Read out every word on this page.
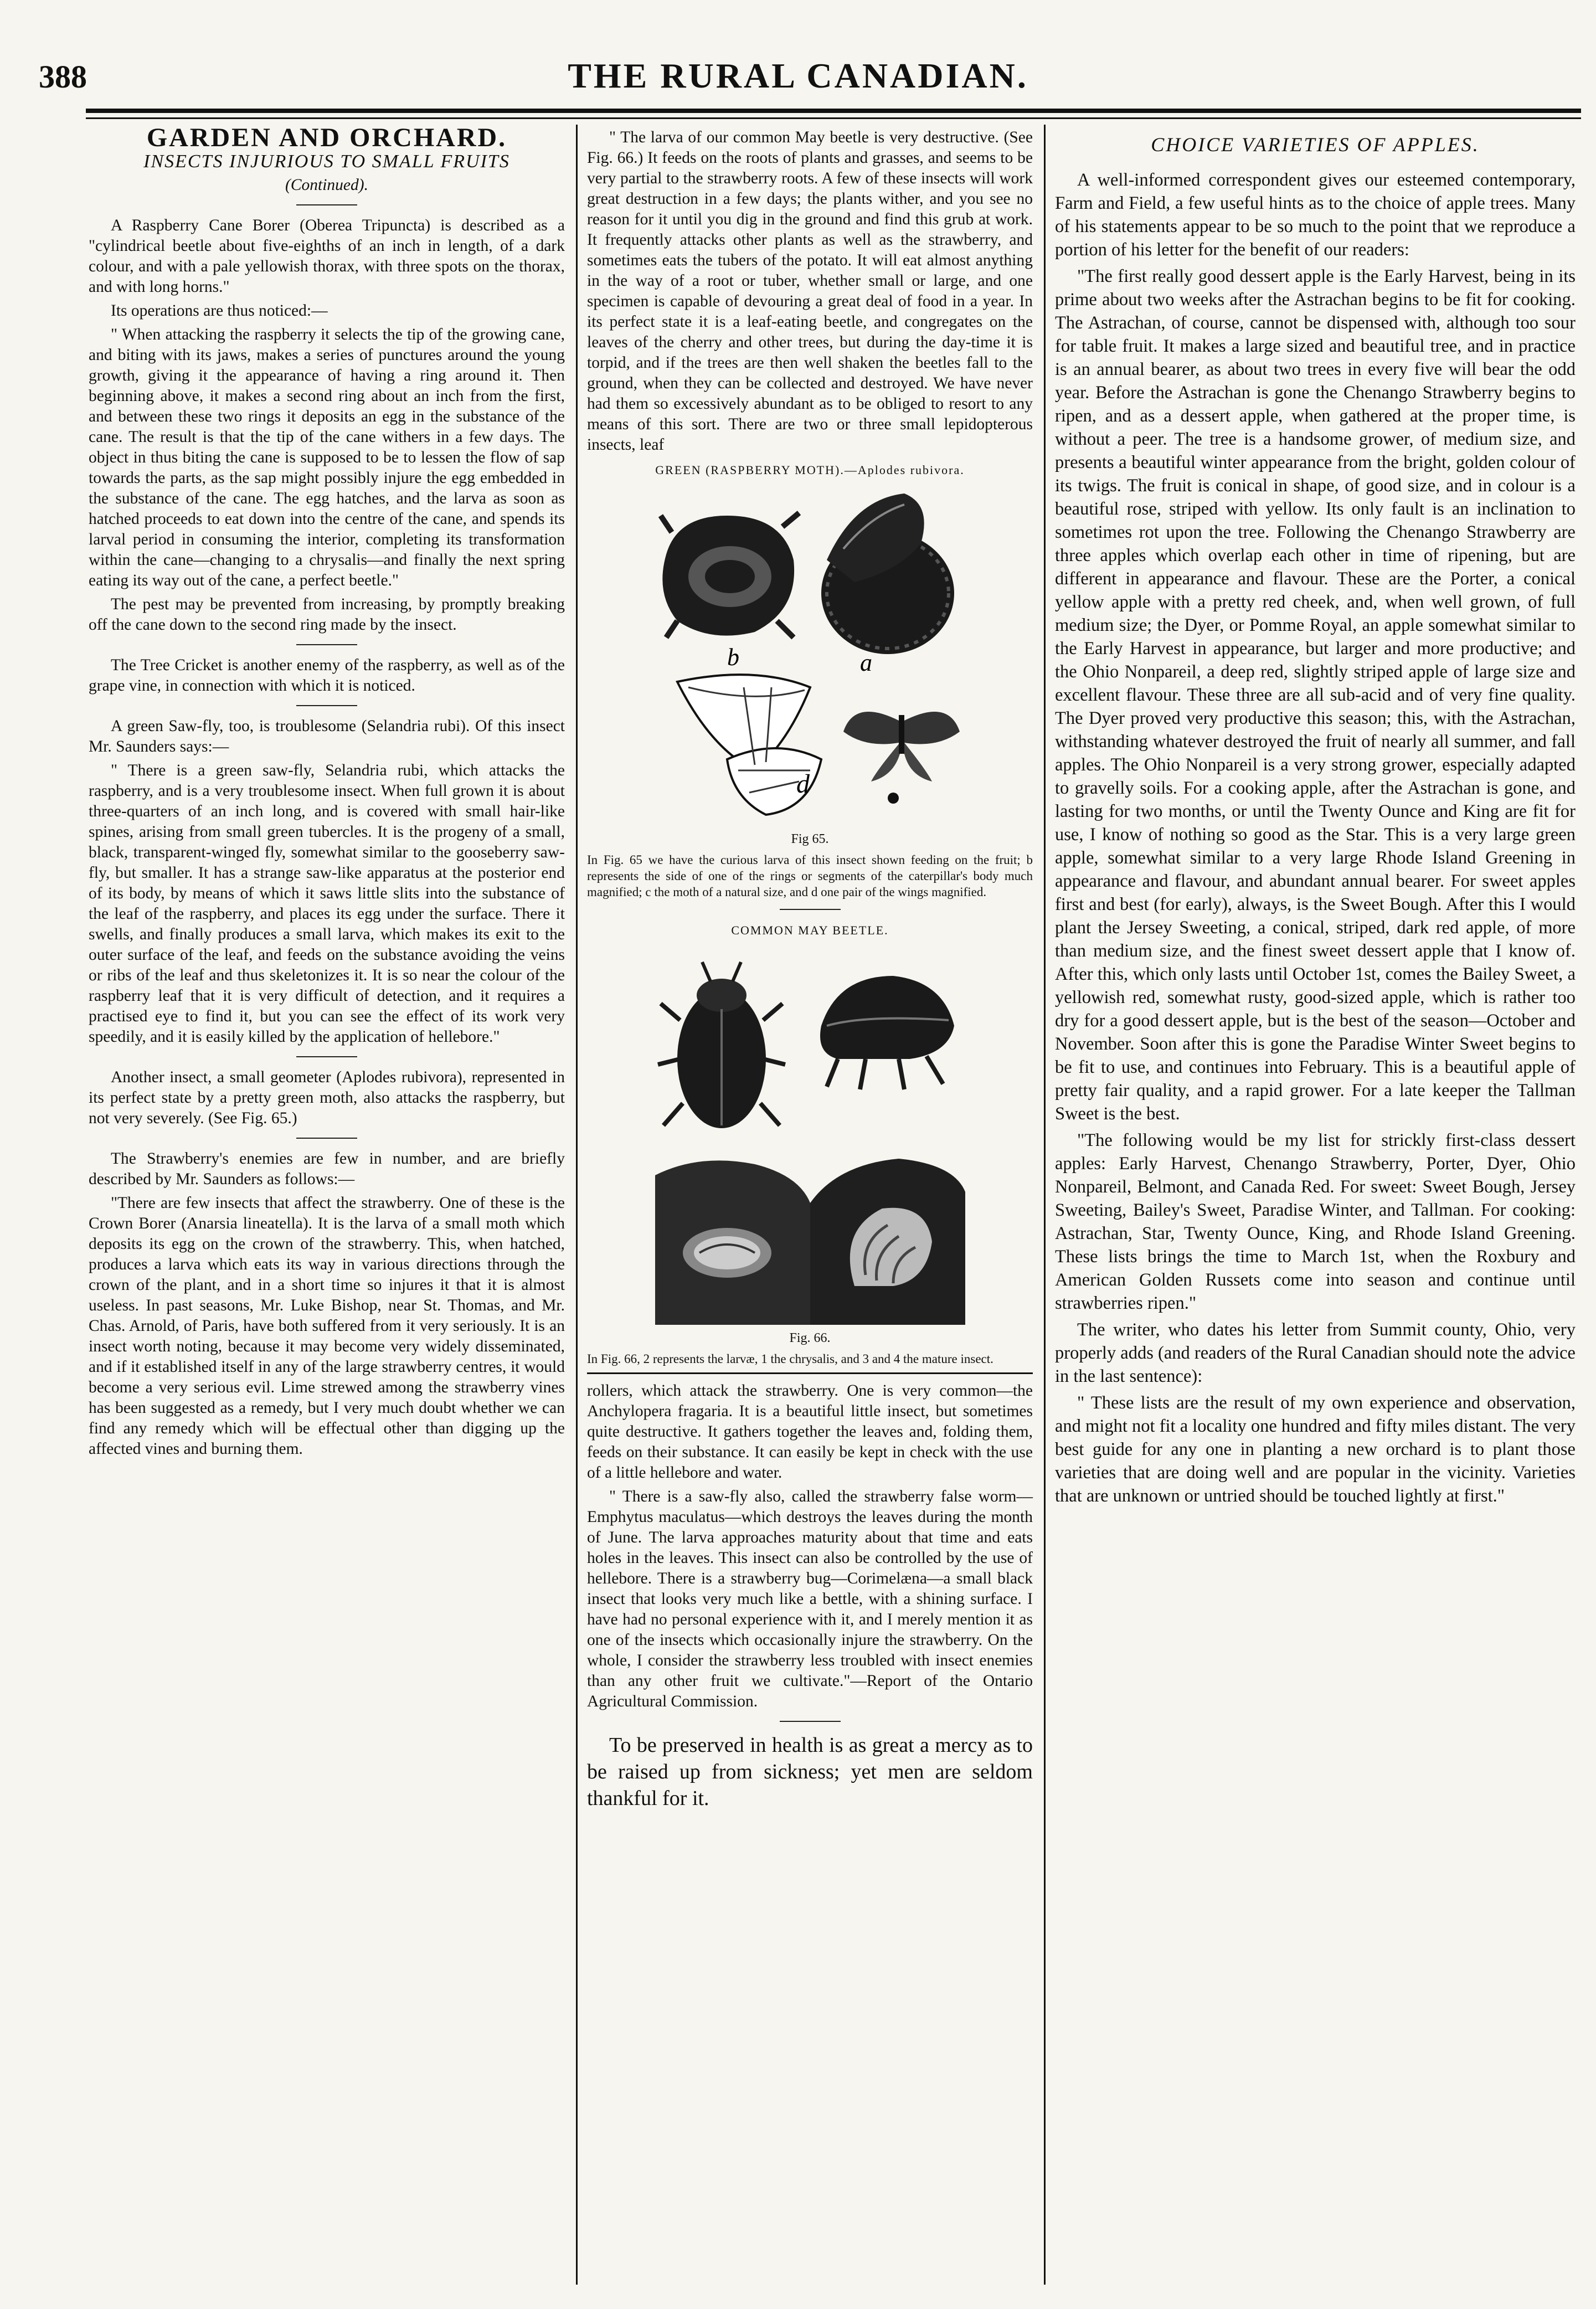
388	THE RURAL CANADIAN.

GARDEN AND ORCHARD.

INSECTS INJURIOUS TO SMALL FRUITS

(Continued).

A Raspberry Cane Borer (Oberea Tripuncta) is described as a "cylindrical beetle about five-eighths of an inch in length, of a dark colour, and with a pale yellowish thorax, with three spots on the thorax, and with long horns."

Its operations are thus noticed:—

" When attacking the raspberry it selects the tip of the growing cane, and biting with its jaws, makes a series of punctures around the young growth, giving it the appearance of having a ring around it. Then beginning above, it makes a second ring about an inch from the first, and between these two rings it deposits an egg in the substance of the cane. The result is that the tip of the cane withers in a few days. The object in thus biting the cane is supposed to be to lessen the flow of sap towards the parts, as the sap might possibly injure the egg embedded in the substance of the cane. The egg hatches, and the larva as soon as hatched proceeds to eat down into the centre of the cane, and spends its larval period in consuming the interior, completing its transformation within the cane—changing to a chrysalis—and finally the next spring eating its way out of the cane, a perfect beetle."

The pest may be prevented from increasing, by promptly breaking off the cane down to the second ring made by the insect.

The Tree Cricket is another enemy of the raspberry, as well as of the grape vine, in connection with which it is noticed.

A green Saw-fly, too, is troublesome (Selandria rubi). Of this insect Mr. Saunders says:—

" There is a green saw-fly, Selandria rubi, which attacks the raspberry, and is a very troublesome insect. When full grown it is about three-quarters of an inch long, and is covered with small hair-like spines, arising from small green tubercles. It is the progeny of a small, black, transparent-winged fly, somewhat similar to the gooseberry saw-fly, but smaller. It has a strange saw-like apparatus at the posterior end of its body, by means of which it saws little slits into the substance of the leaf of the raspberry, and places its egg under the surface. There it swells, and finally produces a small larva, which makes its exit to the outer surface of the leaf, and feeds on the substance avoiding the veins or ribs of the leaf and thus skeletonizes it. It is so near the colour of the raspberry leaf that it is very difficult of detection, and it requires a practised eye to find it, but you can see the effect of its work very speedily, and it is easily killed by the application of hellebore."

Another insect, a small geometer (Aplodes rubivora), represented in its perfect state by a pretty green moth, also attacks the raspberry, but not very severely. (See Fig. 65.)

The Strawberry's enemies are few in number, and are briefly described by Mr. Saunders as follows:—

"There are few insects that affect the strawberry. One of these is the Crown Borer (Anarsia lineatella). It is the larva of a small moth which deposits its egg on the crown of the strawberry. This, when hatched, produces a larva which eats its way in various directions through the crown of the plant, and in a short time so injures it that it is almost useless. In past seasons, Mr. Luke Bishop, near St. Thomas, and Mr. Chas. Arnold, of Paris, have both suffered from it very seriously. It is an insect worth noting, because it may become very widely disseminated, and if it established itself in any of the large strawberry centres, it would become a very serious evil. Lime strewed among the strawberry vines has been suggested as a remedy, but I very much doubt whether we can find any remedy which will be effectual other than digging up the affected vines and burning them.

" The larva of our common May beetle is very destructive. (See Fig. 66.) It feeds on the roots of plants and grasses, and seems to be very partial to the strawberry roots. A few of these insects will work great destruction in a few days; the plants wither, and you see no reason for it until you dig in the ground and find this grub at work. It frequently attacks other plants as well as the strawberry, and sometimes eats the tubers of the potato. It will eat almost anything in the way of a root or tuber, whether small or large, and one specimen is capable of devouring a great deal of food in a year. In its perfect state it is a leaf-eating beetle, and congregates on the leaves of the cherry and other trees, but during the day-time it is torpid, and if the trees are then well shaken the beetles fall to the ground, when they can be collected and destroyed. We have never had them so excessively abundant as to be obliged to resort to any means of this sort. There are two or three small lepidopterous insects, leaf

GREEN (RASPBERRY MOTH).—Aplodes rubivora.
b	a
d
Fig 65.

In Fig. 65 we have the curious larva of this insect shown feeding on the fruit; b represents the side of one of the rings or segments of the caterpillar's body much magnified; c the moth of a natural size, and d one pair of the wings magnified.

COMMON MAY BEETLE.
Fig. 66.

In Fig. 66, 2 represents the larvæ, 1 the chrysalis, and 3 and 4 the mature insect.

rollers, which attack the strawberry. One is very common—the Anchylopera fragaria. It is a beautiful little insect, but sometimes quite destructive. It gathers together the leaves and, folding them, feeds on their substance. It can easily be kept in check with the use of a little hellebore and water.

" There is a saw-fly also, called the strawberry false worm—Emphytus maculatus—which destroys the leaves during the month of June. The larva approaches maturity about that time and eats holes in the leaves. This insect can also be controlled by the use of hellebore. There is a strawberry bug—Corimelæna—a small black insect that looks very much like a bettle, with a shining surface. I have had no personal experience with it, and I merely mention it as one of the insects which occasionally injure the strawberry. On the whole, I consider the strawberry less troubled with insect enemies than any other fruit we cultivate."—Report of the Ontario Agricultural Commission.

To be preserved in health is as great a mercy as to be raised up from sickness; yet men are seldom thankful for it.

CHOICE VARIETIES OF APPLES.

A well-informed correspondent gives our esteemed contemporary, Farm and Field, a few useful hints as to the choice of apple trees. Many of his statements appear to be so much to the point that we reproduce a portion of his letter for the benefit of our readers:

"The first really good dessert apple is the Early Harvest, being in its prime about two weeks after the Astrachan begins to be fit for cooking. The Astrachan, of course, cannot be dispensed with, although too sour for table fruit. It makes a large sized and beautiful tree, and in practice is an annual bearer, as about two trees in every five will bear the odd year. Before the Astrachan is gone the Chenango Strawberry begins to ripen, and as a dessert apple, when gathered at the proper time, is without a peer. The tree is a handsome grower, of medium size, and presents a beautiful winter appearance from the bright, golden colour of its twigs. The fruit is conical in shape, of good size, and in colour is a beautiful rose, striped with yellow. Its only fault is an inclination to sometimes rot upon the tree. Following the Chenango Strawberry are three apples which overlap each other in time of ripening, but are different in appearance and flavour. These are the Porter, a conical yellow apple with a pretty red cheek, and, when well grown, of full medium size; the Dyer, or Pomme Royal, an apple somewhat similar to the Early Harvest in appearance, but larger and more productive; and the Ohio Nonpareil, a deep red, slightly striped apple of large size and excellent flavour. These three are all sub-acid and of very fine quality. The Dyer proved very productive this season; this, with the Astrachan, withstanding whatever destroyed the fruit of nearly all summer, and fall apples. The Ohio Nonpareil is a very strong grower, especially adapted to gravelly soils. For a cooking apple, after the Astrachan is gone, and lasting for two months, or until the Twenty Ounce and King are fit for use, I know of nothing so good as the Star. This is a very large green apple, somewhat similar to a very large Rhode Island Greening in appearance and flavour, and abundant annual bearer. For sweet apples first and best (for early), always, is the Sweet Bough. After this I would plant the Jersey Sweeting, a conical, striped, dark red apple, of more than medium size, and the finest sweet dessert apple that I know of. After this, which only lasts until October 1st, comes the Bailey Sweet, a yellowish red, somewhat rusty, good-sized apple, which is rather too dry for a good dessert apple, but is the best of the season—October and November. Soon after this is gone the Paradise Winter Sweet begins to be fit to use, and continues into February. This is a beautiful apple of pretty fair quality, and a rapid grower. For a late keeper the Tallman Sweet is the best.

"The following would be my list for strickly first-class dessert apples: Early Harvest, Chenango Strawberry, Porter, Dyer, Ohio Nonpareil, Belmont, and Canada Red. For sweet: Sweet Bough, Jersey Sweeting, Bailey's Sweet, Paradise Winter, and Tallman. For cooking: Astrachan, Star, Twenty Ounce, King, and Rhode Island Greening. These lists brings the time to March 1st, when the Roxbury and American Golden Russets come into season and continue until strawberries ripen."

The writer, who dates his letter from Summit county, Ohio, very properly adds (and readers of the Rural Canadian should note the advice in the last sentence):

" These lists are the result of my own experience and observation, and might not fit a locality one hundred and fifty miles distant. The very best guide for any one in planting a new orchard is to plant those varieties that are doing well and are popular in the vicinity. Varieties that are unknown or untried should be touched lightly at first."
